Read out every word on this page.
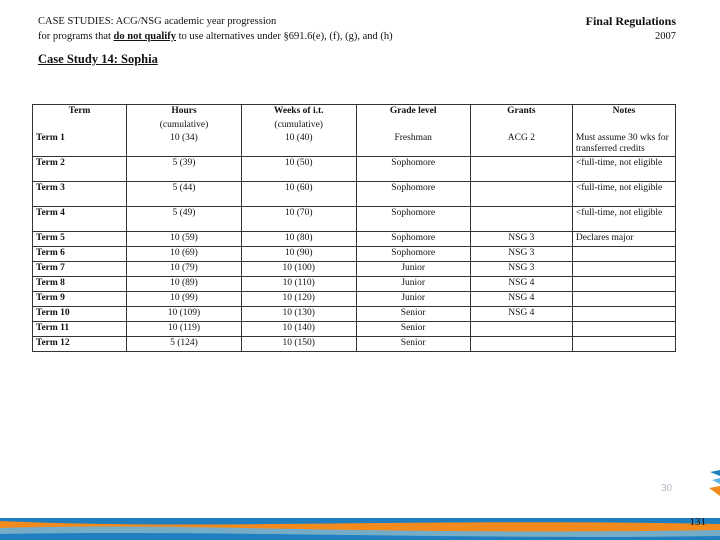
CASE STUDIES: ACG/NSG academic year progression
for programs that do not qualify to use alternatives under §691.6(e), (f), (g), and (h)
Final Regulations
2007
Case Study 14: Sophia
Term	Hours	Weeks of i.t.	Grade level	Grants	Notes
	(cumulative)	(cumulative)			
Term 1	10 (34)	10 (40)	Freshman	ACG 2	Must assume 30 wks for transferred credits
Term 2	5 (39)	10 (50)	Sophomore		<full-time, not eligible
Term 3	5 (44)	10 (60)	Sophomore		<full-time, not eligible
Term 4	5 (49)	10 (70)	Sophomore		<full-time, not eligible
Term 5	10 (59)	10 (80)	Sophomore	NSG 3	Declares major
Term 6	10 (69)	10 (90)	Sophomore	NSG 3	
Term 7	10 (79)	10 (100)	Junior	NSG 3	
Term 8	10 (89)	10 (110)	Junior	NSG 4	
Term 9	10 (99)	10 (120)	Junior	NSG 4	
Term 10	10 (109)	10 (130)	Senior	NSG 4	
Term 11	10 (119)	10 (140)	Senior		
Term 12	5 (124)	10 (150)	Senior		
30
131
